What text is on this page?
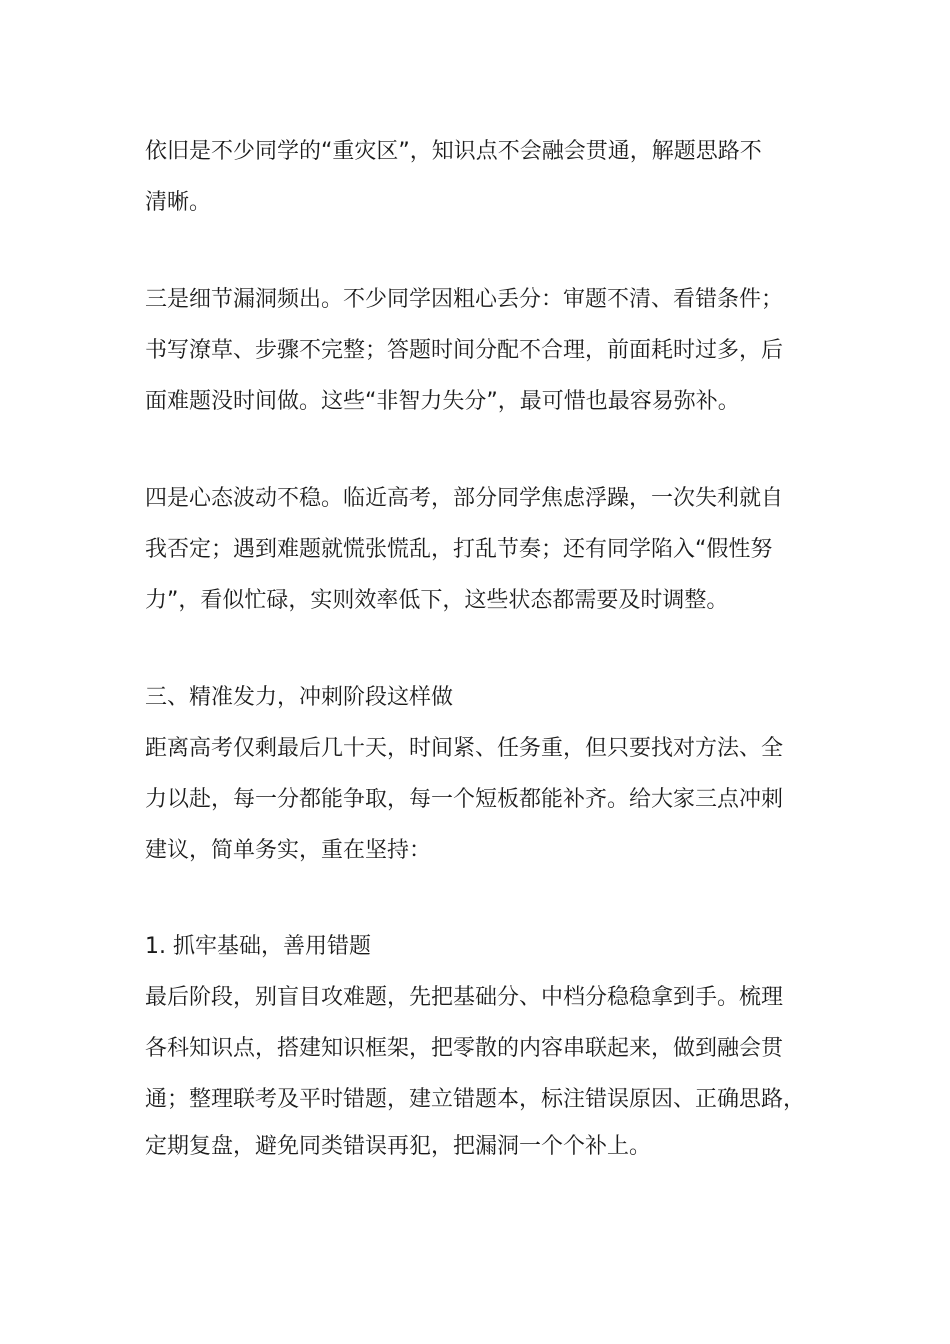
依旧是不少同学的“重灾区”，知识点不会融会贯通，解题思路不

清晰。

三是细节漏洞频出。不少同学因粗心丢分：审题不清、看错条件；

书写潦草、步骤不完整；答题时间分配不合理，前面耗时过多，后

面难题没时间做。这些“非智力失分”，最可惜也最容易弥补。

四是心态波动不稳。临近高考，部分同学焦虑浮躁，一次失利就自

我否定；遇到难题就慌张慌乱，打乱节奏；还有同学陷入“假性努

力”，看似忙碌，实则效率低下，这些状态都需要及时调整。

三、精准发力，冲刺阶段这样做

距离高考仅剩最后几十天，时间紧、任务重，但只要找对方法、全

力以赴，每一分都能争取，每一个短板都能补齐。给大家三点冲刺

建议，简单务实，重在坚持：

1. 抓牢基础，善用错题

最后阶段，别盲目攻难题，先把基础分、中档分稳稳拿到手。梳理

各科知识点，搭建知识框架，把零散的内容串联起来，做到融会贯

通；整理联考及平时错题，建立错题本，标注错误原因、正确思路，

定期复盘，避免同类错误再犯，把漏洞一个个补上。
